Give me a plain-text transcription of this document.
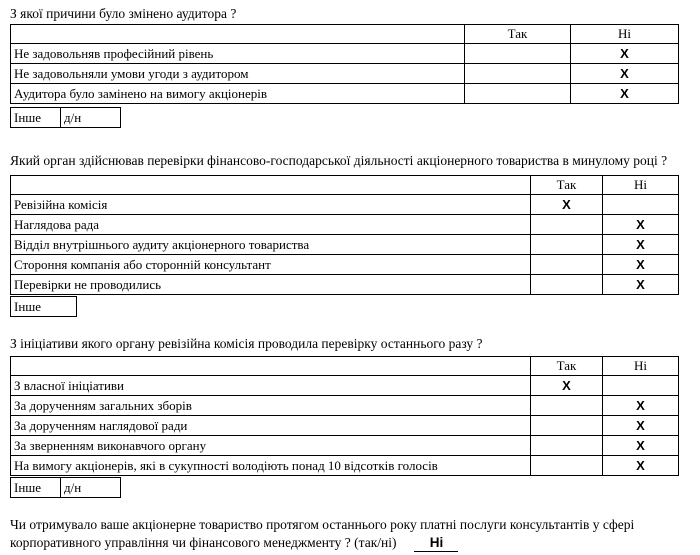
З якої причини було змінено аудитора ?
	Так	Ні
Не задовольняв професійний рівень		X
Не задовольняли умови угоди з аудитором		X
Аудитора було замінено на вимогу акціонерів		X
Інше	д/н
Який орган здійснював перевірки фінансово-господарської діяльності акціонерного товариства в минулому році ?
	Так	Ні
Ревізійна комісія	X	
Наглядова рада		X
Відділ внутрішнього аудиту акціонерного товариства		X
Стороння компанія або сторонній консультант		X
Перевірки не проводились		X
Інше
З ініціативи якого органу ревізійна комісія проводила перевірку останнього разу ?
	Так	Ні
З власної ініціативи	X	
За дорученням загальних зборів		X
За дорученням наглядової ради		X
За зверненням виконавчого органу		X
На вимогу акціонерів, які в сукупності володіють понад 10 відсотків голосів		X
Інше	д/н
Чи отримувало ваше акціонерне товариство протягом останнього року платні послуги консультантів у сфері
корпоративного управління чи фінансового менеджменту ? (так/ні) Ні
